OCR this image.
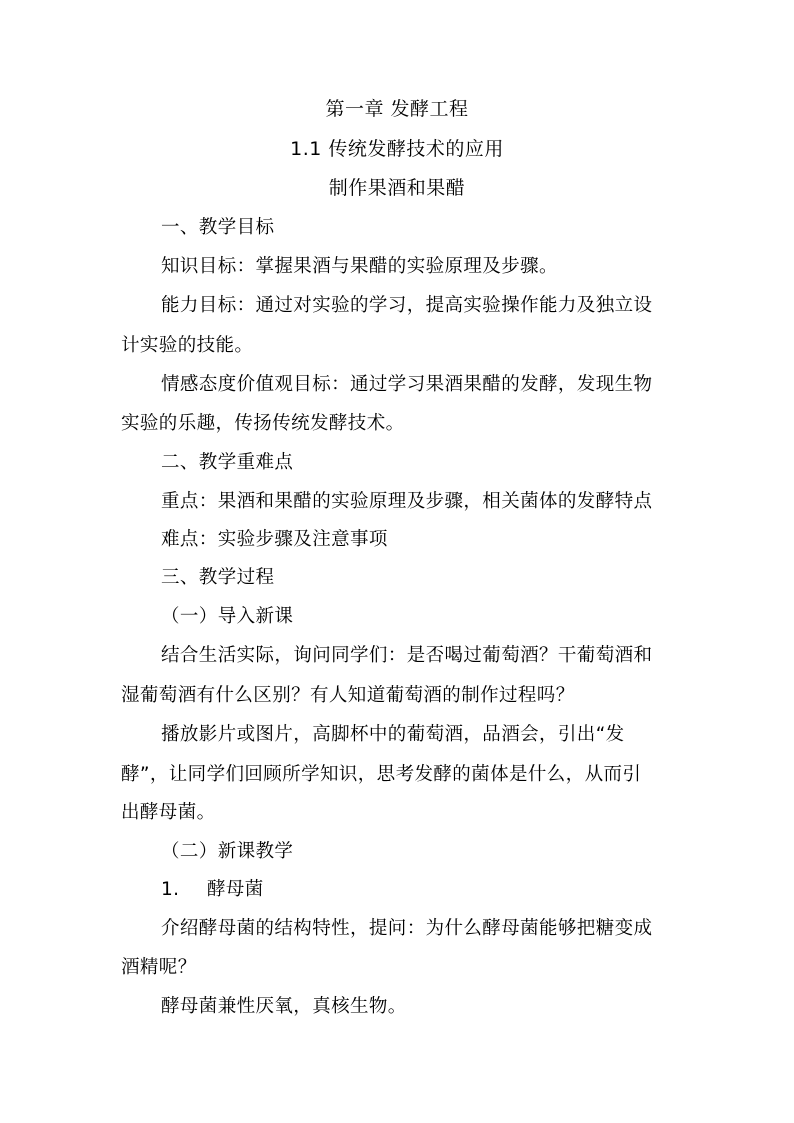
第一章 发酵工程
1.1 传统发酵技术的应用
制作果酒和果醋
一、教学目标
知识目标：掌握果酒与果醋的实验原理及步骤。
能力目标：通过对实验的学习，提高实验操作能力及独立设
计实验的技能。
情感态度价值观目标：通过学习果酒果醋的发酵，发现生物
实验的乐趣，传扬传统发酵技术。
二、教学重难点
重点：果酒和果醋的实验原理及步骤，相关菌体的发酵特点
难点：实验步骤及注意事项
三、教学过程
（一）导入新课
结合生活实际，询问同学们：是否喝过葡萄酒？干葡萄酒和
湿葡萄酒有什么区别？有人知道葡萄酒的制作过程吗？
播放影片或图片，高脚杯中的葡萄酒，品酒会，引出“发
酵”，让同学们回顾所学知识，思考发酵的菌体是什么，从而引
出酵母菌。
（二）新课教学
1. 酵母菌
介绍酵母菌的结构特性，提问：为什么酵母菌能够把糖变成
酒精呢？
酵母菌兼性厌氧，真核生物。
